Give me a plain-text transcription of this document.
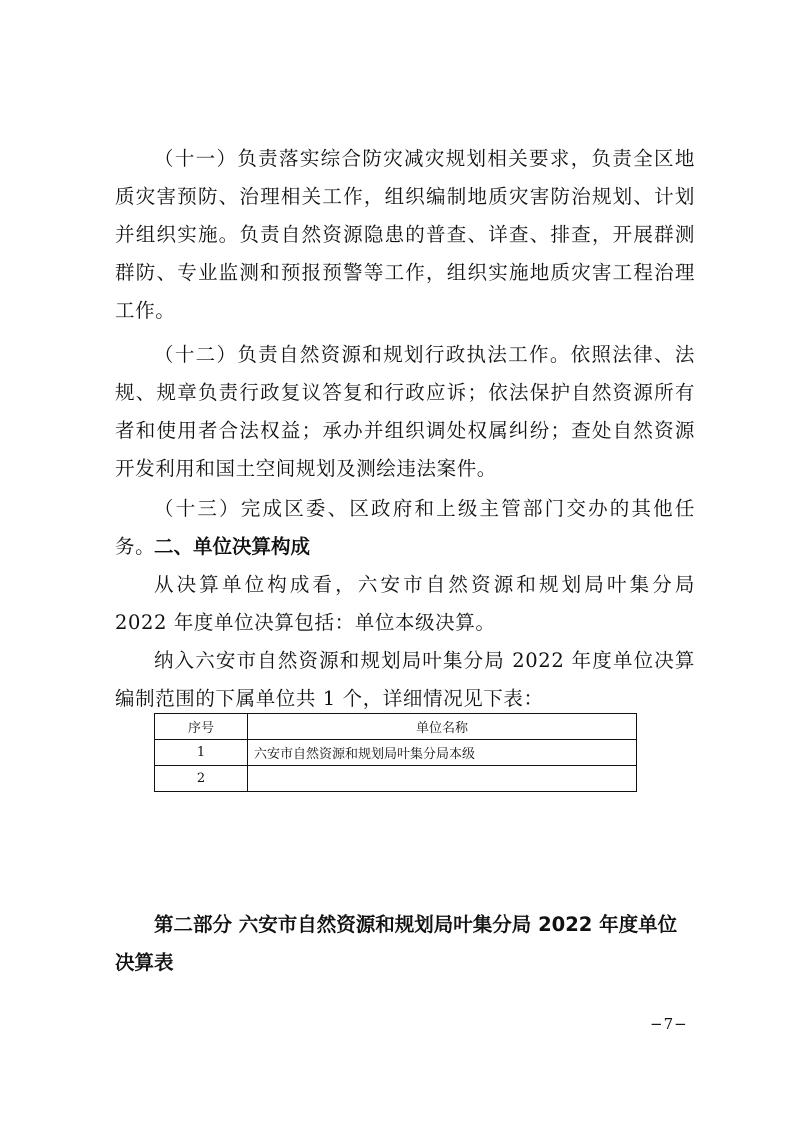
（十一）负责落实综合防灾减灾规划相关要求，负责全区地质灾害预防、治理相关工作，组织编制地质灾害防治规划、计划并组织实施。负责自然资源隐患的普查、详查、排查，开展群测群防、专业监测和预报预警等工作，组织实施地质灾害工程治理工作。

（十二）负责自然资源和规划行政执法工作。依照法律、法规、规章负责行政复议答复和行政应诉；依法保护自然资源所有者和使用者合法权益；承办并组织调处权属纠纷；查处自然资源开发利用和国土空间规划及测绘违法案件。

（十三）完成区委、区政府和上级主管部门交办的其他任务。

二、单位决算构成

从决算单位构成看，六安市自然资源和规划局叶集分局 2022 年度单位决算包括：单位本级决算。

纳入六安市自然资源和规划局叶集分局 2022 年度单位决算编制范围的下属单位共 1 个，详细情况见下表：

序号	单位名称
1	六安市自然资源和规划局叶集分局本级
2	
第二部分 六安市自然资源和规划局叶集分局 2022 年度单位决算表
−7−
